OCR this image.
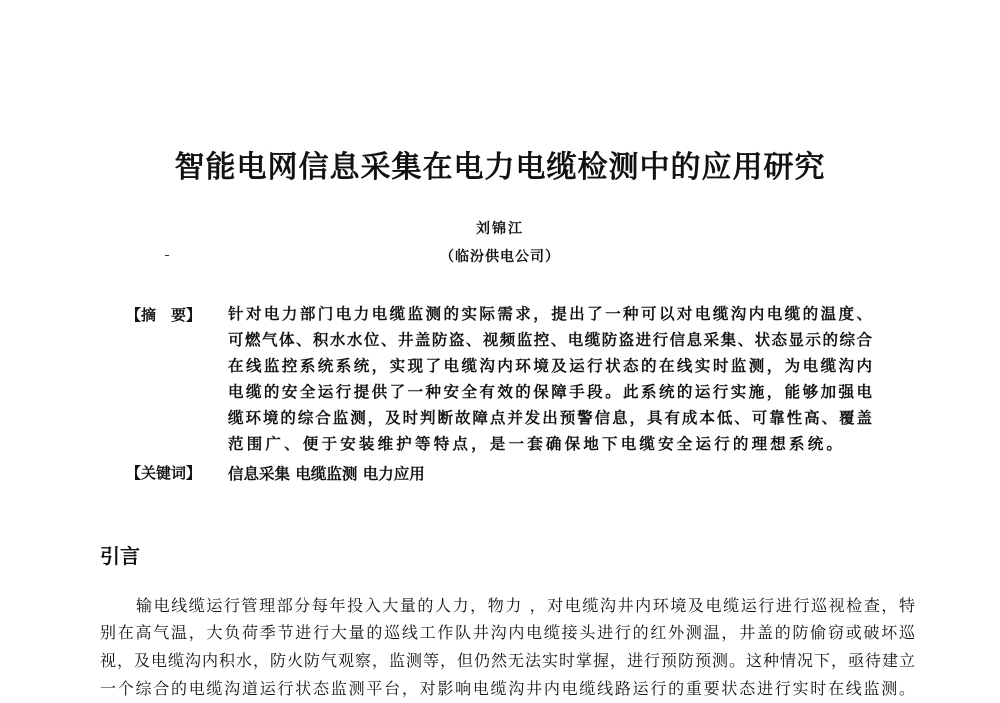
智能电网信息采集在电力电缆检测中的应用研究
刘锦江
（临汾供电公司）
【摘　要】 针对电力部门电力电缆监测的实际需求，提出了一种可以对电缆沟内电缆的温度、
可燃气体、积水水位、井盖防盗、视频监控、电缆防盗进行信息采集、状态显示的综合
在线监控系统系统，实现了电缆沟内环境及运行状态的在线实时监测，为电缆沟内
电缆的安全运行提供了一种安全有效的保障手段。此系统的运行实施，能够加强电
缆环境的综合监测，及时判断故障点并发出预警信息，具有成本低、可靠性高、覆盖
范围广、便于安装维护等特点，是一套确保地下电缆安全运行的理想系统。
【关键词】 信息采集 电缆监测 电力应用
引言
输电线缆运行管理部分每年投入大量的人力，物力 ，对电缆沟井内环境及电缆运行进行巡视检查，特
别在高气温，大负荷季节进行大量的巡线工作队井沟内电缆接头进行的红外测温，井盖的防偷窃或破坏巡
视，及电缆沟内积水，防火防气观察，监测等，但仍然无法实时掌握，进行预防预测。这种情况下，亟待建立
一个综合的电缆沟道运行状态监测平台，对影响电缆沟井内电缆线路运行的重要状态进行实时在线监测。
